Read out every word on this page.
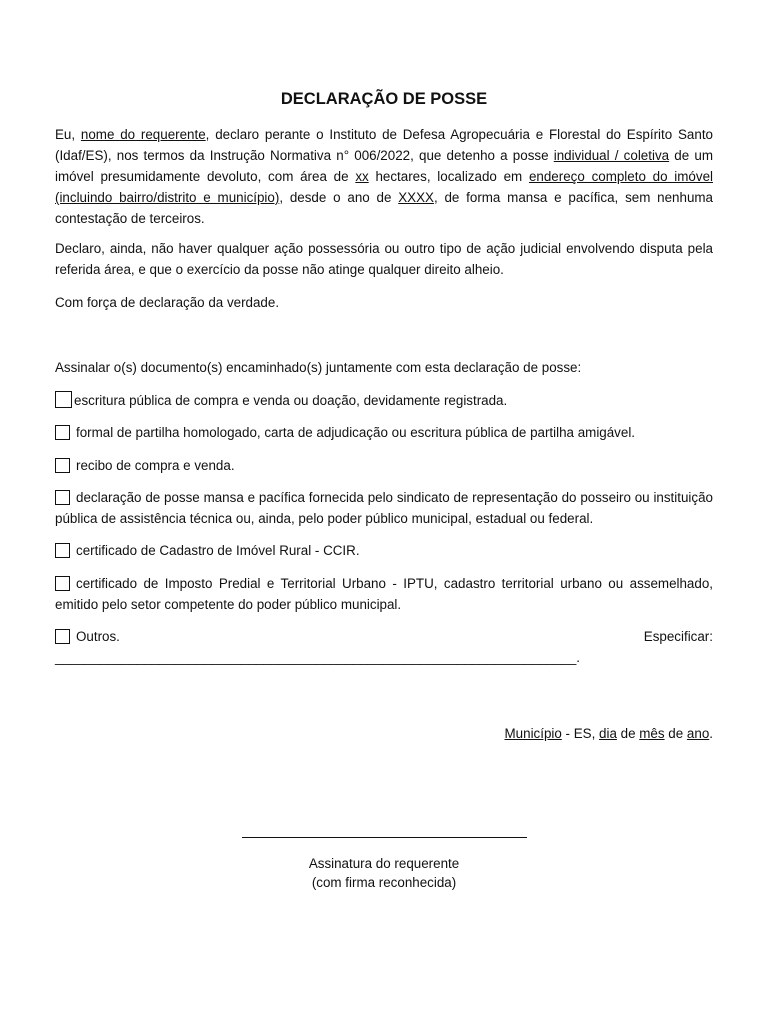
DECLARAÇÃO DE POSSE

Eu, nome do requerente, declaro perante o Instituto de Defesa Agropecuária e Florestal do Espírito Santo (Idaf/ES), nos termos da Instrução Normativa n° 006/2022, que detenho a posse individual / coletiva de um imóvel presumidamente devoluto, com área de xx hectares, localizado em endereço completo do imóvel (incluindo bairro/distrito e município), desde o ano de XXXX, de forma mansa e pacífica, sem nenhuma contestação de terceiros.

Declaro, ainda, não haver qualquer ação possessória ou outro tipo de ação judicial envolvendo disputa pela referida área, e que o exercício da posse não atinge qualquer direito alheio.

Com força de declaração da verdade.

Assinalar o(s) documento(s) encaminhado(s) juntamente com esta declaração de posse:

escritura pública de compra e venda ou doação, devidamente registrada.
formal de partilha homologado, carta de adjudicação ou escritura pública de partilha amigável.
recibo de compra e venda.
declaração de posse mansa e pacífica fornecida pelo sindicato de representação do posseiro ou instituição pública de assistência técnica ou, ainda, pelo poder público municipal, estadual ou federal.
certificado de Cadastro de Imóvel Rural - CCIR.
certificado de Imposto Predial e Territorial Urbano - IPTU, cadastro territorial urbano ou assemelhado, emitido pelo setor competente do poder público municipal.
Outros. Especificar: ______________________________________________________________________.
Município - ES, dia de mês de ano.
Assinatura do requerente
(com firma reconhecida)
